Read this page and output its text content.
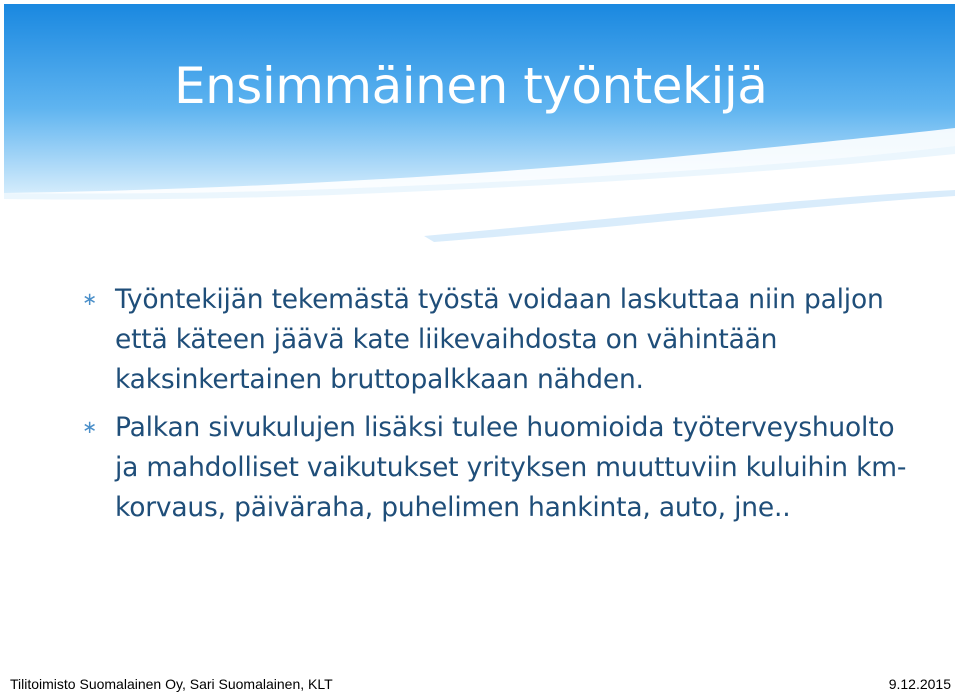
Ensimmäinen työntekijä
∗ Työntekijän tekemästä työstä voidaan laskuttaa niin paljon että käteen jäävä kate liikevaihdosta on vähintään kaksinkertainen bruttopalkkaan nähden.
∗ Palkan sivukulujen lisäksi tulee huomioida työterveyshuolto ja mahdolliset vaikutukset yrityksen muuttuviin kuluihin km-korvaus, päiväraha, puhelimen hankinta, auto, jne..
Tilitoimisto Suomalainen Oy, Sari Suomalainen, KLT	9.12.2015
